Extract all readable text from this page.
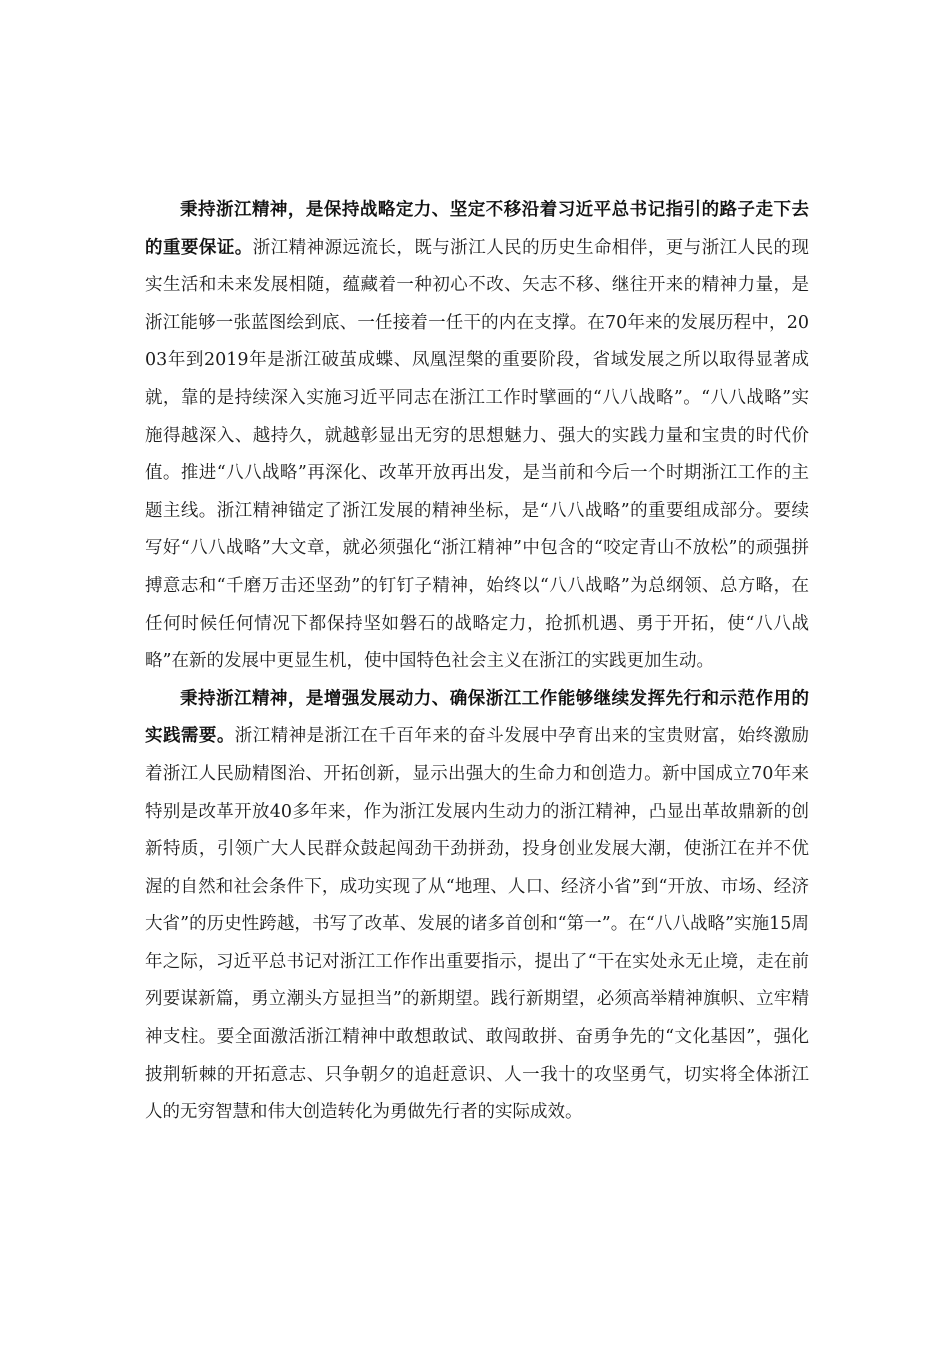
秉持浙江精神，是保持战略定力、坚定不移沿着习近平总书记指引的路子走下去的重要保证。浙江精神源远流长，既与浙江人民的历史生命相伴，更与浙江人民的现实生活和未来发展相随，蕴藏着一种初心不改、矢志不移、继往开来的精神力量，是浙江能够一张蓝图绘到底、一任接着一任干的内在支撑。在70年来的发展历程中，2003年到2019年是浙江破茧成蝶、凤凰涅槃的重要阶段，省域发展之所以取得显著成就，靠的是持续深入实施习近平同志在浙江工作时擘画的“八八战略”。“八八战略”实施得越深入、越持久，就越彰显出无穷的思想魅力、强大的实践力量和宝贵的时代价值。推进“八八战略”再深化、改革开放再出发，是当前和今后一个时期浙江工作的主题主线。浙江精神锚定了浙江发展的精神坐标，是“八八战略”的重要组成部分。要续写好“八八战略”大文章，就必须强化“浙江精神”中包含的“咬定青山不放松”的顽强拼搏意志和“千磨万击还坚劲”的钉钉子精神，始终以“八八战略”为总纲领、总方略，在任何时候任何情况下都保持坚如磐石的战略定力，抢抓机遇、勇于开拓，使“八八战略”在新的发展中更显生机，使中国特色社会主义在浙江的实践更加生动。

秉持浙江精神，是增强发展动力、确保浙江工作能够继续发挥先行和示范作用的实践需要。浙江精神是浙江在千百年来的奋斗发展中孕育出来的宝贵财富，始终激励着浙江人民励精图治、开拓创新，显示出强大的生命力和创造力。新中国成立70年来特别是改革开放40多年来，作为浙江发展内生动力的浙江精神，凸显出革故鼎新的创新特质，引领广大人民群众鼓起闯劲干劲拼劲，投身创业发展大潮，使浙江在并不优渥的自然和社会条件下，成功实现了从“地理、人口、经济小省”到“开放、市场、经济大省”的历史性跨越，书写了改革、发展的诸多首创和“第一”。在“八八战略”实施15周年之际，习近平总书记对浙江工作作出重要指示，提出了“干在实处永无止境，走在前列要谋新篇，勇立潮头方显担当”的新期望。践行新期望，必须高举精神旗帜、立牢精神支柱。要全面激活浙江精神中敢想敢试、敢闯敢拼、奋勇争先的“文化基因”，强化披荆斩棘的开拓意志、只争朝夕的追赶意识、人一我十的攻坚勇气，切实将全体浙江人的无穷智慧和伟大创造转化为勇做先行者的实际成效。
